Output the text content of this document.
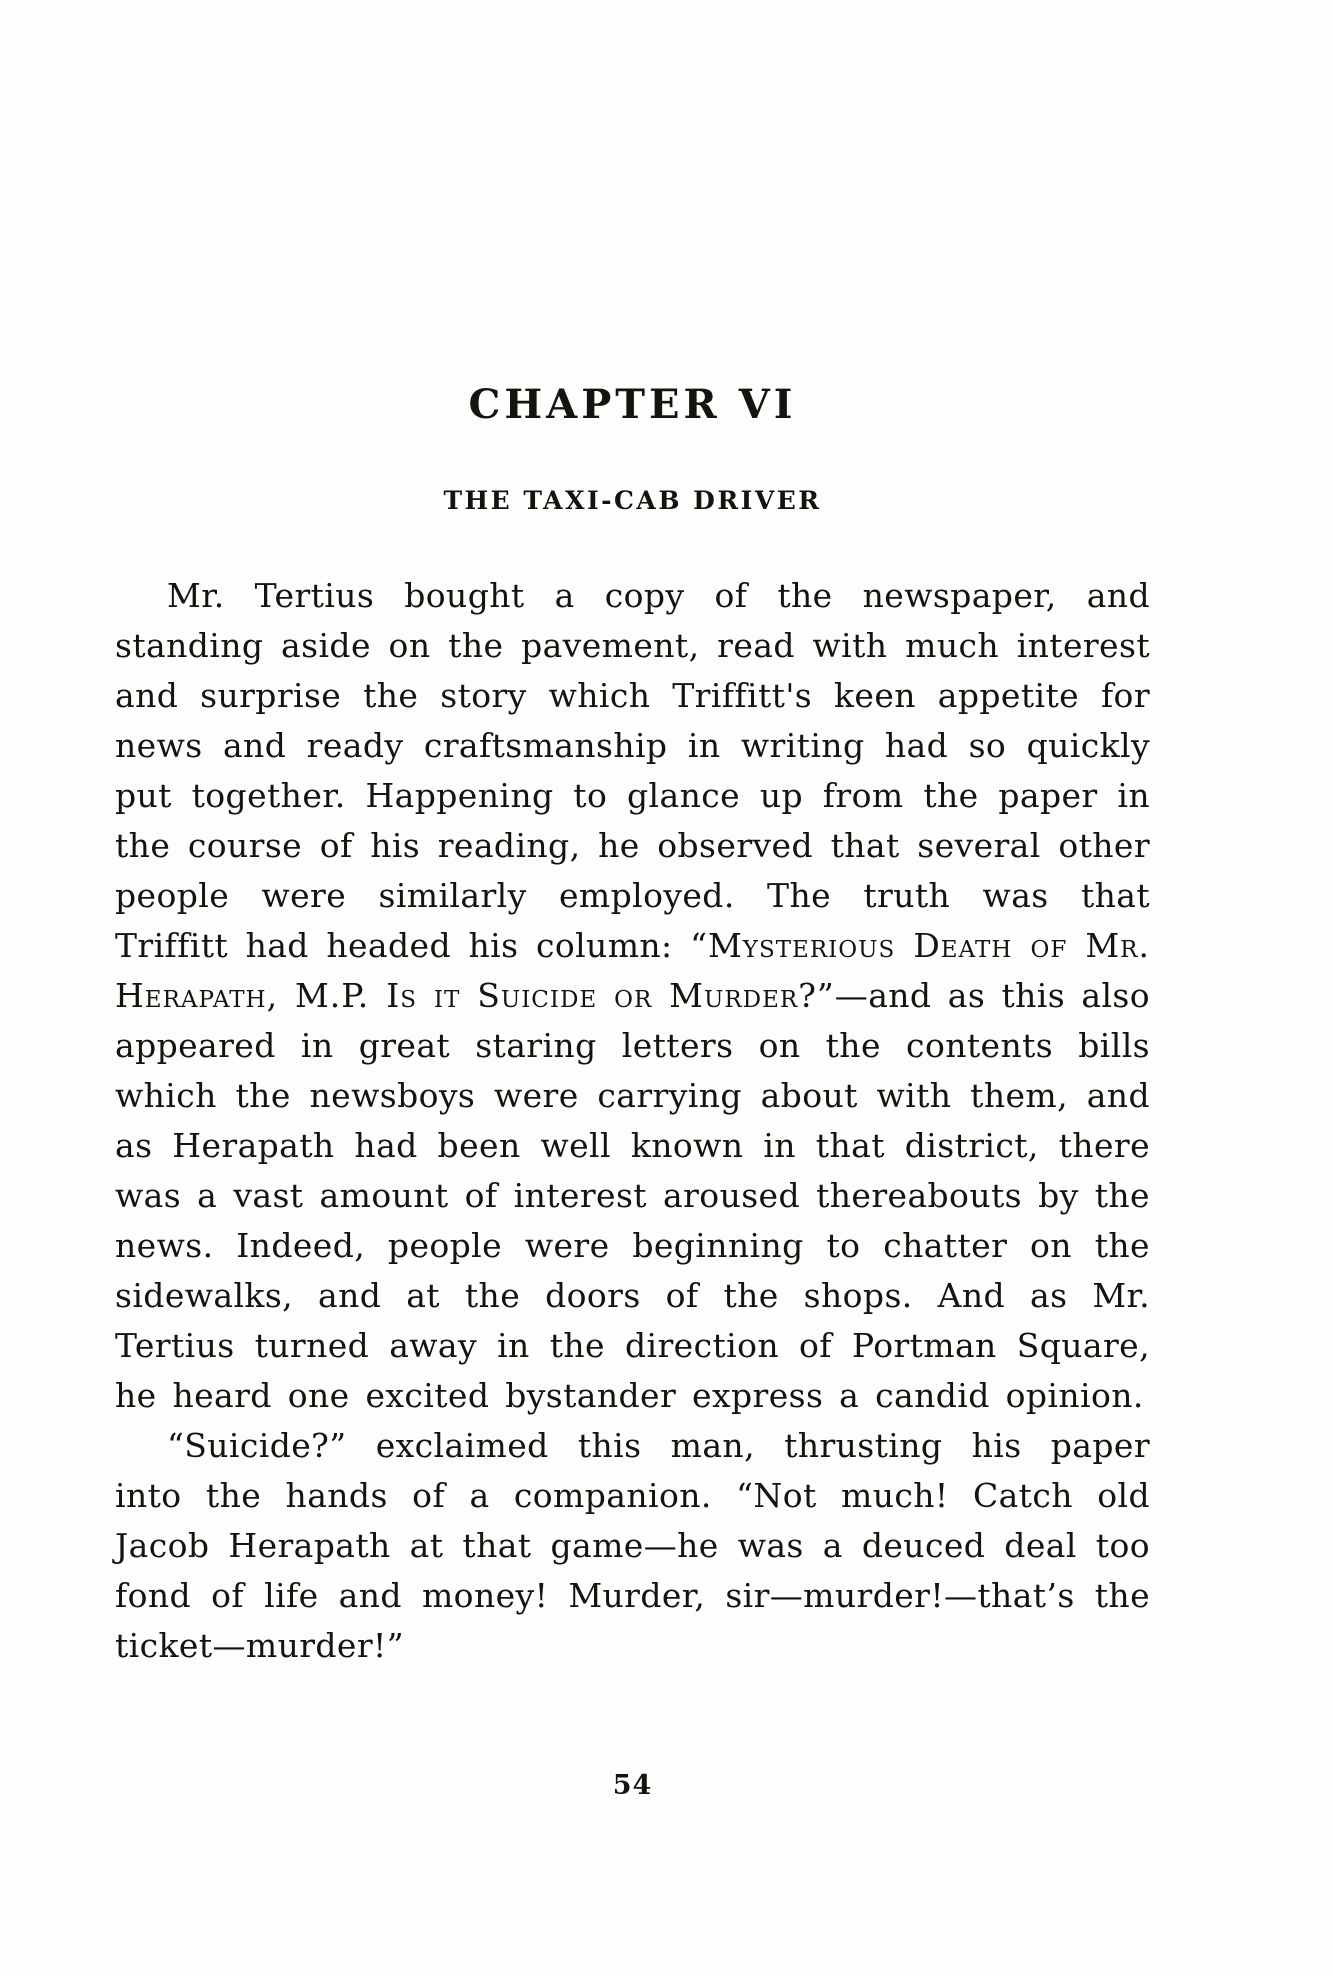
CHAPTER VI
THE TAXI-CAB DRIVER

Mr. Tertius bought a copy of the newspaper, and standing aside on the pavement, read with much interest and surprise the story which Triffitt's keen appetite for news and ready craftsmanship in writing had so quickly put together. Happening to glance up from the paper in the course of his reading, he observed that several other people were similarly employed. The truth was that Triffitt had headed his column: “Mysterious Death of Mr. Herapath, M.P. Is it Suicide or Murder?”—and as this also appeared in great staring letters on the contents bills which the newsboys were carrying about with them, and as Herapath had been well known in that district, there was a vast amount of interest aroused thereabouts by the news. Indeed, people were beginning to chatter on the sidewalks, and at the doors of the shops. And as Mr. Tertius turned away in the direction of Portman Square, he heard one excited bystander express a candid opinion.

“Suicide?” exclaimed this man, thrusting his paper into the hands of a companion. “Not much! Catch old Jacob Herapath at that game—he was a deuced deal too fond of life and money! Murder, sir—murder!—that’s the ticket—murder!”

54
